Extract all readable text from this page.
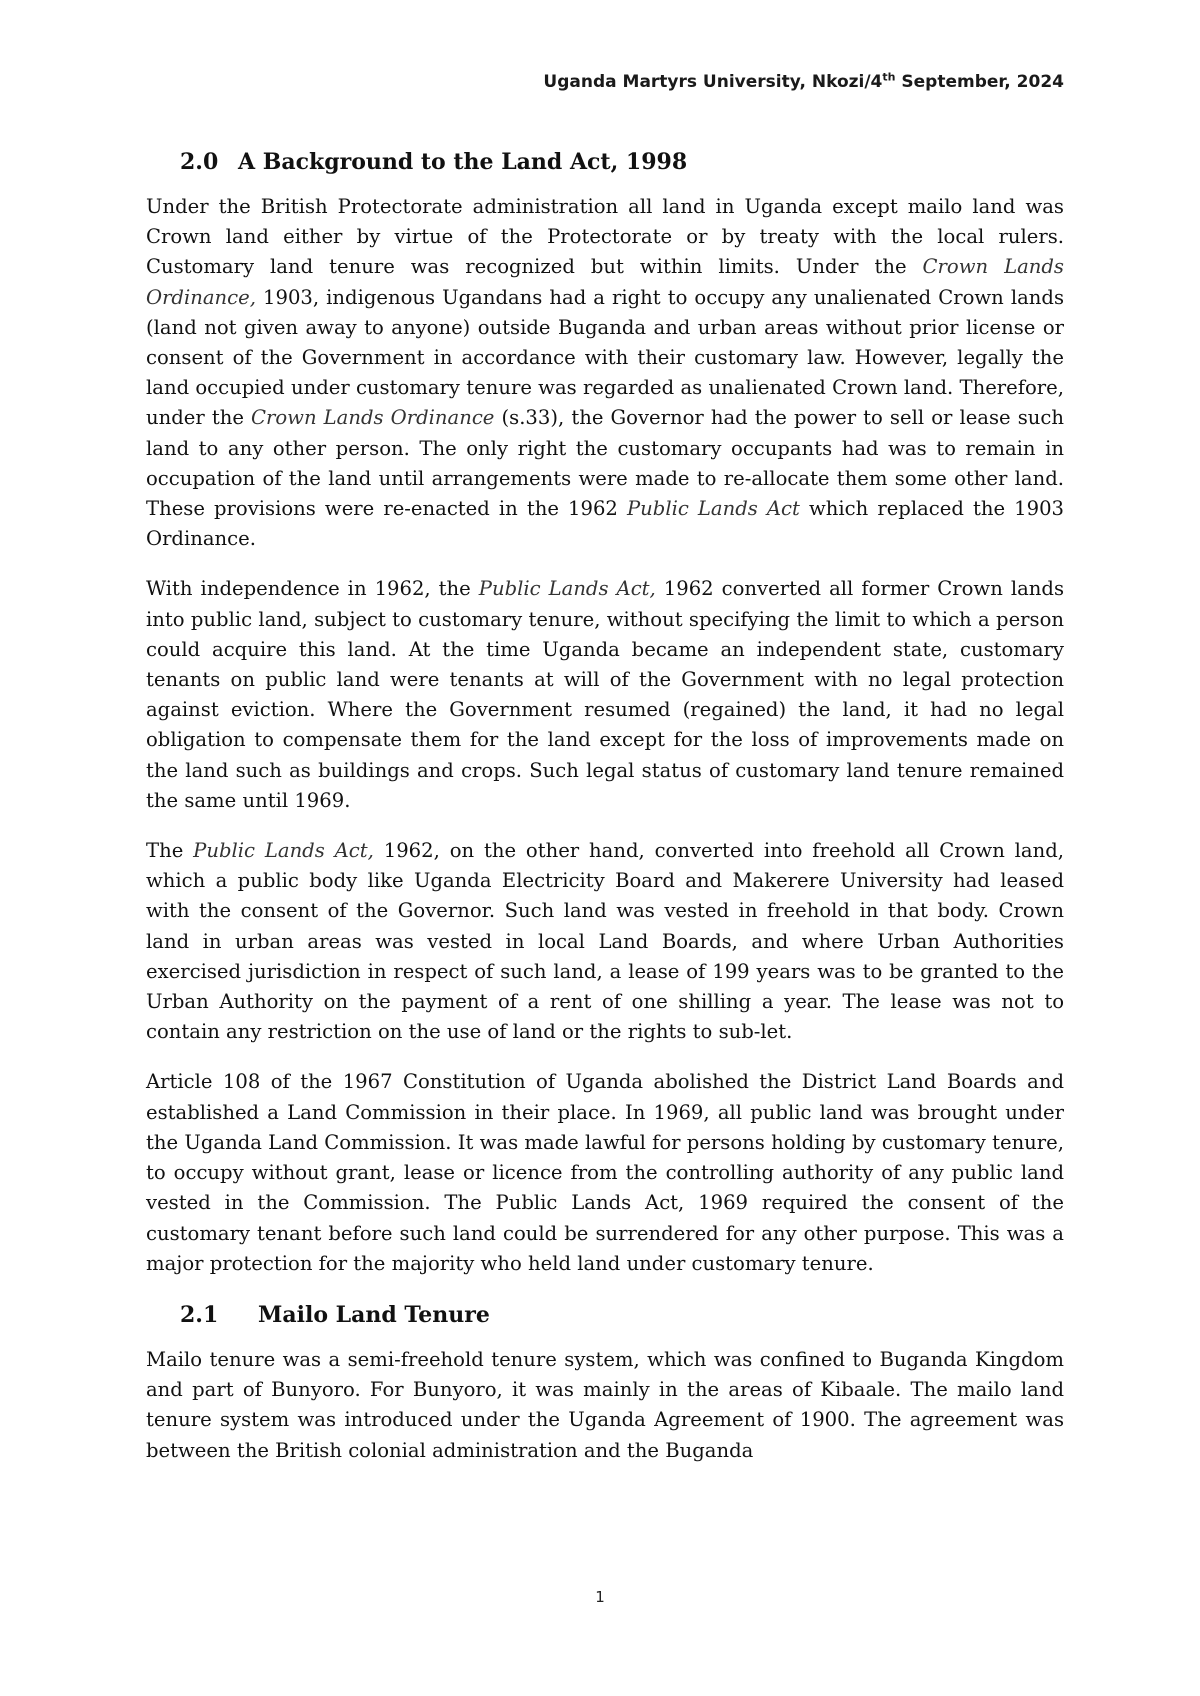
Uganda Martyrs University, Nkozi/4th September, 2024
2.0 A Background to the Land Act, 1998

Under the British Protectorate administration all land in Uganda except mailo land was Crown land either by virtue of the Protectorate or by treaty with the local rulers. Customary land tenure was recognized but within limits. Under the Crown Lands Ordinance, 1903, indigenous Ugandans had a right to occupy any unalienated Crown lands (land not given away to anyone) outside Buganda and urban areas without prior license or consent of the Government in accordance with their customary law. However, legally the land occupied under customary tenure was regarded as unalienated Crown land. Therefore, under the Crown Lands Ordinance (s.33), the Governor had the power to sell or lease such land to any other person. The only right the customary occupants had was to remain in occupation of the land until arrangements were made to re-allocate them some other land. These provisions were re-enacted in the 1962 Public Lands Act which replaced the 1903 Ordinance.

With independence in 1962, the Public Lands Act, 1962 converted all former Crown lands into public land, subject to customary tenure, without specifying the limit to which a person could acquire this land. At the time Uganda became an independent state, customary tenants on public land were tenants at will of the Government with no legal protection against eviction. Where the Government resumed (regained) the land, it had no legal obligation to compensate them for the land except for the loss of improvements made on the land such as buildings and crops. Such legal status of customary land tenure remained the same until 1969.

The Public Lands Act, 1962, on the other hand, converted into freehold all Crown land, which a public body like Uganda Electricity Board and Makerere University had leased with the consent of the Governor. Such land was vested in freehold in that body. Crown land in urban areas was vested in local Land Boards, and where Urban Authorities exercised jurisdiction in respect of such land, a lease of 199 years was to be granted to the Urban Authority on the payment of a rent of one shilling a year. The lease was not to contain any restriction on the use of land or the rights to sub-let.

Article 108 of the 1967 Constitution of Uganda abolished the District Land Boards and established a Land Commission in their place. In 1969, all public land was brought under the Uganda Land Commission. It was made lawful for persons holding by customary tenure, to occupy without grant, lease or licence from the controlling authority of any public land vested in the Commission. The Public Lands Act, 1969 required the consent of the customary tenant before such land could be surrendered for any other purpose. This was a major protection for the majority who held land under customary tenure.

2.1 Mailo Land Tenure

Mailo tenure was a semi-freehold tenure system, which was confined to Buganda Kingdom and part of Bunyoro. For Bunyoro, it was mainly in the areas of Kibaale. The mailo land tenure system was introduced under the Uganda Agreement of 1900. The agreement was between the British colonial administration and the Buganda

1
